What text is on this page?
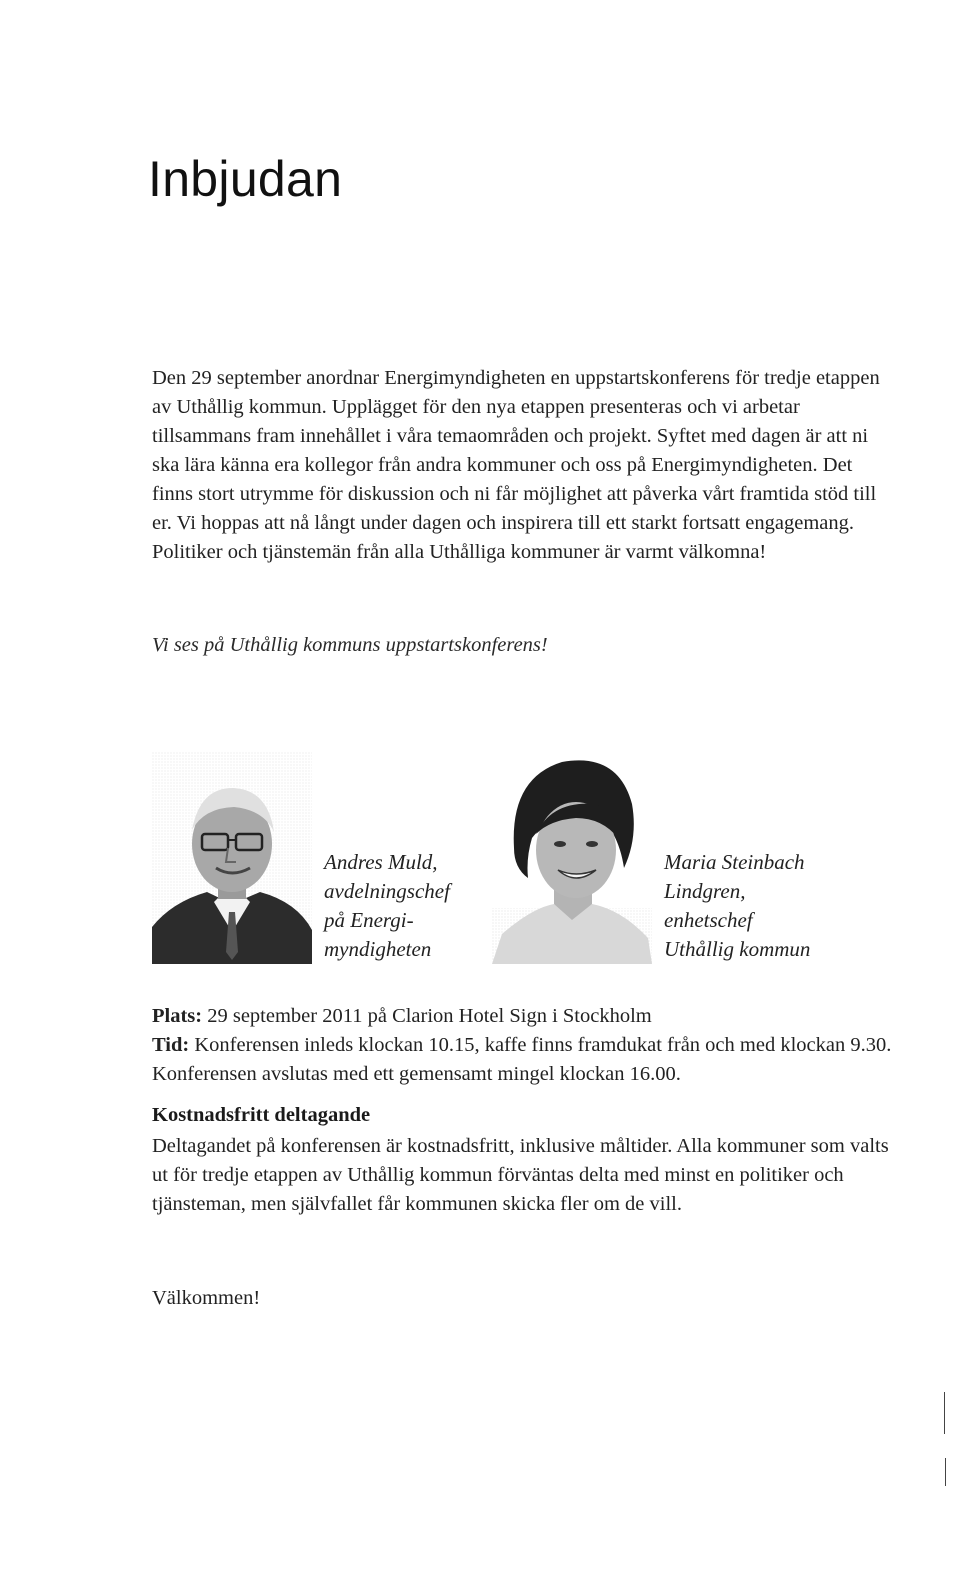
Inbjudan

Den 29 september anordnar Energimyndigheten en uppstartskonferens för tredje etappen av Uthållig kommun. Upplägget för den nya etappen presenteras och vi arbetar tillsammans fram innehållet i våra temaområden och projekt. Syftet med dagen är att ni ska lära känna era kollegor från andra kommuner och oss på Energimyndigheten. Det finns stort utrymme för diskussion och ni får möjlighet att påverka vårt framtida stöd till er. Vi hoppas att nå långt under dagen och inspirera till ett starkt fortsatt engagemang. Politiker och tjänstemän från alla Uthålliga kommuner är varmt välkomna!

Vi ses på Uthållig kommuns uppstartskonferens!

Andres Muld,
avdelningschef
på Energi-
myndigheten

Maria Steinbach
Lindgren,
enhetschef
Uthållig kommun

Plats: 29 september 2011 på Clarion Hotel Sign i Stockholm
Tid: Konferensen inleds klockan 10.15, kaffe finns framdukat från och med klockan 9.30. Konferensen avslutas med ett gemensamt mingel klockan 16.00.
Kostnadsfritt deltagande

Deltagandet på konferensen är kostnadsfritt, inklusive måltider. Alla kommuner som valts ut för tredje etappen av Uthållig kommun förväntas delta med minst en politiker och tjänsteman, men självfallet får kommunen skicka fler om de vill.

Välkommen!
